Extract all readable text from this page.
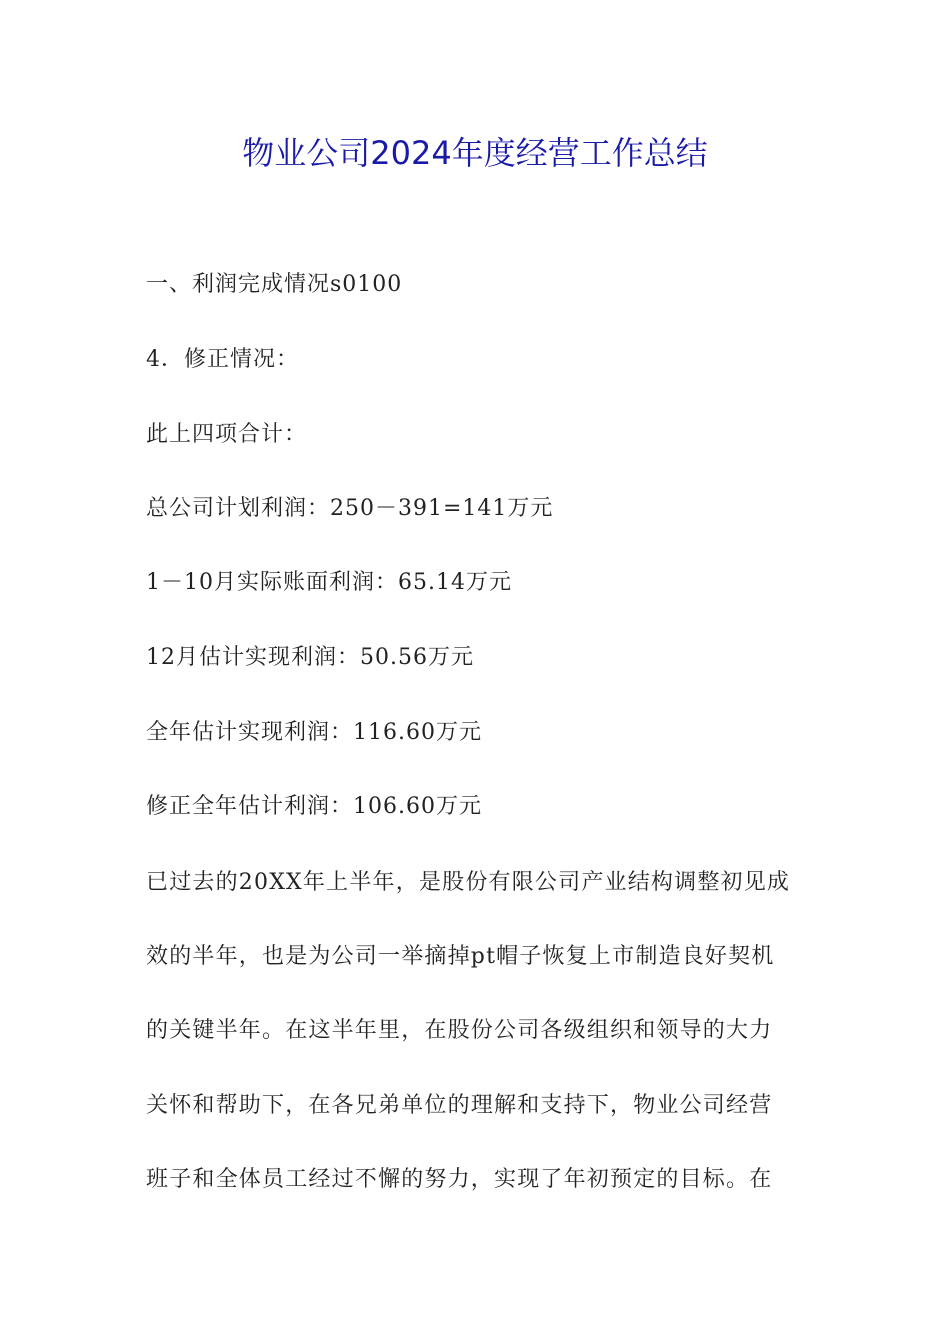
物业公司2024年度经营工作总结
一、利润完成情况s0100
4．修正情况：
此上四项合计：
总公司计划利润：250－391=141万元
1－10月实际账面利润：65.14万元
12月估计实现利润：50.56万元
全年估计实现利润：116.60万元
修正全年估计利润：106.60万元
已过去的20XX年上半年，是股份有限公司产业结构调整初见成
效的半年，也是为公司一举摘掉pt帽子恢复上市制造良好契机
的关键半年。在这半年里，在股份公司各级组织和领导的大力
关怀和帮助下，在各兄弟单位的理解和支持下，物业公司经营
班子和全体员工经过不懈的努力，实现了年初预定的目标。在
